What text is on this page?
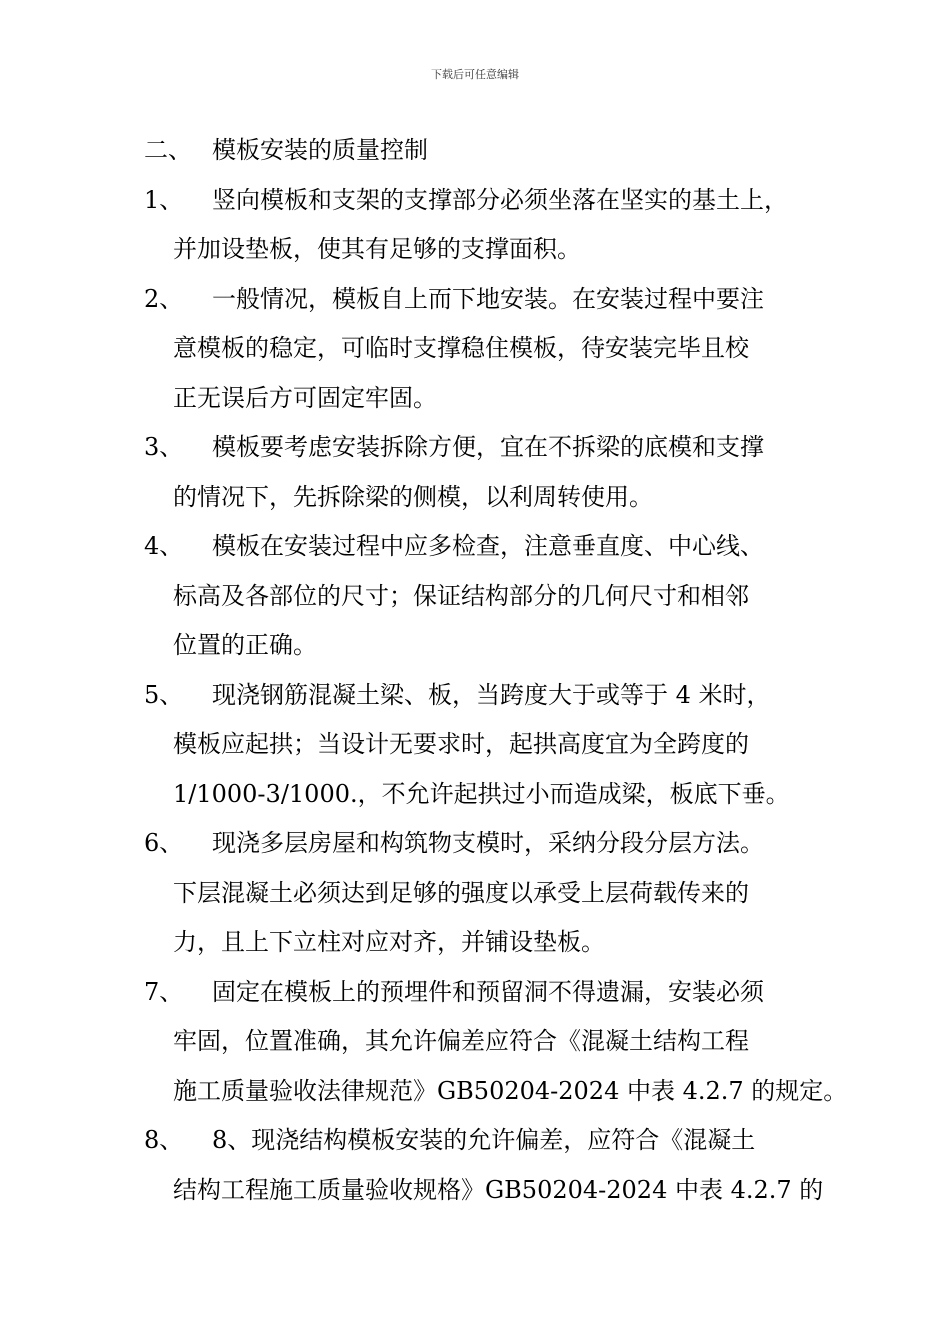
下载后可任意编辑
二、 模板安装的质量控制
1、 竖向模板和支架的支撑部分必须坐落在坚实的基土上，
并加设垫板，使其有足够的支撑面积。
2、 一般情况，模板自上而下地安装。在安装过程中要注
意模板的稳定，可临时支撑稳住模板，待安装完毕且校
正无误后方可固定牢固。
3、 模板要考虑安装拆除方便，宜在不拆梁的底模和支撑
的情况下，先拆除梁的侧模，以利周转使用。
4、 模板在安装过程中应多检查，注意垂直度、中心线、
标高及各部位的尺寸；保证结构部分的几何尺寸和相邻
位置的正确。
5、 现浇钢筋混凝土梁、板，当跨度大于或等于 4 米时，
模板应起拱；当设计无要求时，起拱高度宜为全跨度的
1/1000-3/1000.，不允许起拱过小而造成梁，板底下垂。
6、 现浇多层房屋和构筑物支模时，采纳分段分层方法。
下层混凝土必须达到足够的强度以承受上层荷载传来的
力，且上下立柱对应对齐，并铺设垫板。
7、 固定在模板上的预埋件和预留洞不得遗漏，安装必须
牢固，位置准确，其允许偏差应符合《混凝土结构工程
施工质量验收法律规范》GB50204-2024 中表 4.2.7 的规定。
8、 8、现浇结构模板安装的允许偏差，应符合《混凝土
结构工程施工质量验收规格》GB50204-2024 中表 4.2.7 的
